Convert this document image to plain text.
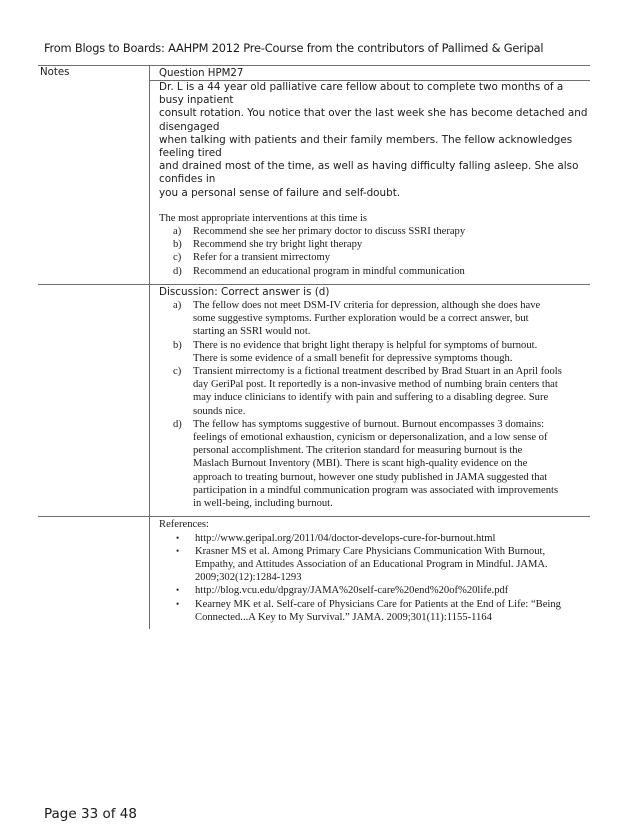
From Blogs to Boards: AAHPM 2012 Pre-Course from the contributors of Pallimed & Geripal
Notes	Question HPM27

Dr. L is a 44 year old palliative care fellow about to complete two months of a busy inpatient

consult rotation. You notice that over the last week she has become detached and disengaged

when talking with patients and their family members. The fellow acknowledges feeling tired

and drained most of the time, as well as having difficulty falling asleep. She also confides in

you a personal sense of failure and self-doubt.

The most appropriate interventions at this time is

a)	Recommend she see her primary doctor to discuss SSRI therapy
b)	Recommend she try bright light therapy
c)	Refer for a transient mirrectomy
d)	Recommend an educational program in mindful communication

Discussion: Correct answer is (d)

a)	The fellow does not meet DSM-IV criteria for depression, although she does have

some suggestive symptoms. Further exploration would be a correct answer, but

starting an SSRI would not.

b)	There is no evidence that bright light therapy is helpful for symptoms of burnout.

There is some evidence of a small benefit for depressive symptoms though.

c)	Transient mirrectomy is a fictional treatment described by Brad Stuart in an April fools

day GeriPal post. It reportedly is a non-invasive method of numbing brain centers that

may induce clinicians to identify with pain and suffering to a disabling degree. Sure

sounds nice.

d)	The fellow has symptoms suggestive of burnout. Burnout encompasses 3 domains:

feelings of emotional exhaustion, cynicism or depersonalization, and a low sense of

personal accomplishment. The criterion standard for measuring burnout is the

Maslach Burnout Inventory (MBI). There is scant high-quality evidence on the

approach to treating burnout, however one study published in JAMA suggested that

participation in a mindful communication program was associated with improvements

in well-being, including burnout.

References:

•	http://www.geripal.org/2011/04/doctor-develops-cure-for-burnout.html

•	Krasner MS et al. Among Primary Care Physicians Communication With Burnout,

Empathy, and Attitudes Association of an Educational Program in Mindful. JAMA.

2009;302(12):1284-1293

•	http://blog.vcu.edu/dpgray/JAMA%20self-care%20end%20of%20life.pdf

•	Kearney MK et al. Self-care of Physicians Care for Patients at the End of Life: “Being

Connected...A Key to My Survival.” JAMA. 2009;301(11):1155-1164

Page 33 of 48
